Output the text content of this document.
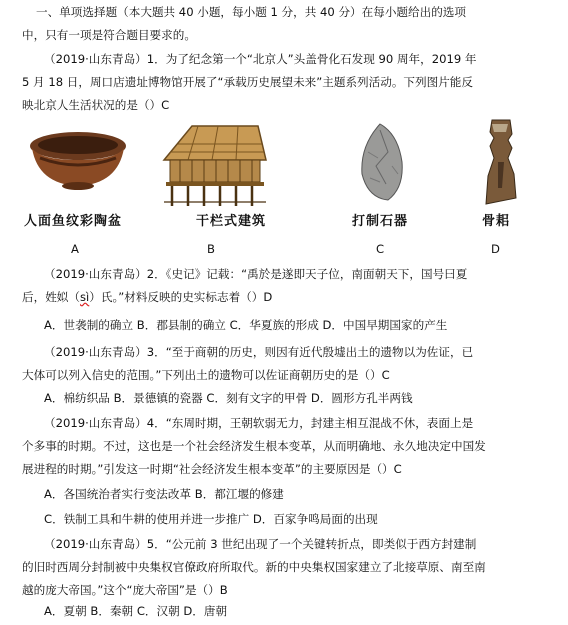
一、单项选择题（本大题共 40 小题，每小题 1 分，共 40 分）在每小题给出的选项
中，只有一项是符合题目要求的。
（2019·山东青岛）1．为了纪念第一个“北京人”头盖骨化石发现 90 周年，2019 年
5 月 18 日，周口店遗址博物馆开展了“承载历史展望未来”主题系列活动。下列图片能反
映北京人生活状况的是（）C
人面鱼纹彩陶盆	干栏式建筑	打制石器	骨耜
A	B	C	D
（2019·山东青岛）2．《史记》记载：“禹於是遂即天子位，南面朝天下，国号曰夏
后，姓姒（sì）氏。”材料反映的史实标志着（）D
A．世袭制的确立 B．郡县制的确立 C．华夏族的形成 D．中国早期国家的产生
（2019·山东青岛）3．“至于商朝的历史，则因有近代殷墟出土的遗物以为佐证，已
大体可以列入信史的范围。”下列出土的遗物可以佐证商朝历史的是（）C
A．棉纺织品 B．景德镇的瓷器 C．刻有文字的甲骨 D．圆形方孔半两钱
（2019·山东青岛）4．“东周时期，王朝软弱无力，封建主相互混战不休，表面上是
个多事的时期。不过，这也是一个社会经济发生根本变革，从而明确地、永久地决定中国发
展进程的时期。”引发这一时期“社会经济发生根本变革”的主要原因是（）C
A．各国统治者实行变法改革 B．都江堰的修建
C．铁制工具和牛耕的使用并进一步推广 D．百家争鸣局面的出现
（2019·山东青岛）5．“公元前 3 世纪出现了一个关键转折点，即类似于西方封建制
的旧时西周分封制被中央集权官僚政府所取代。新的中央集权国家建立了北接草原、南至南
越的庞大帝国。”这个“庞大帝国”是（）B
A．夏朝 B．秦朝 C．汉朝 D．唐朝
